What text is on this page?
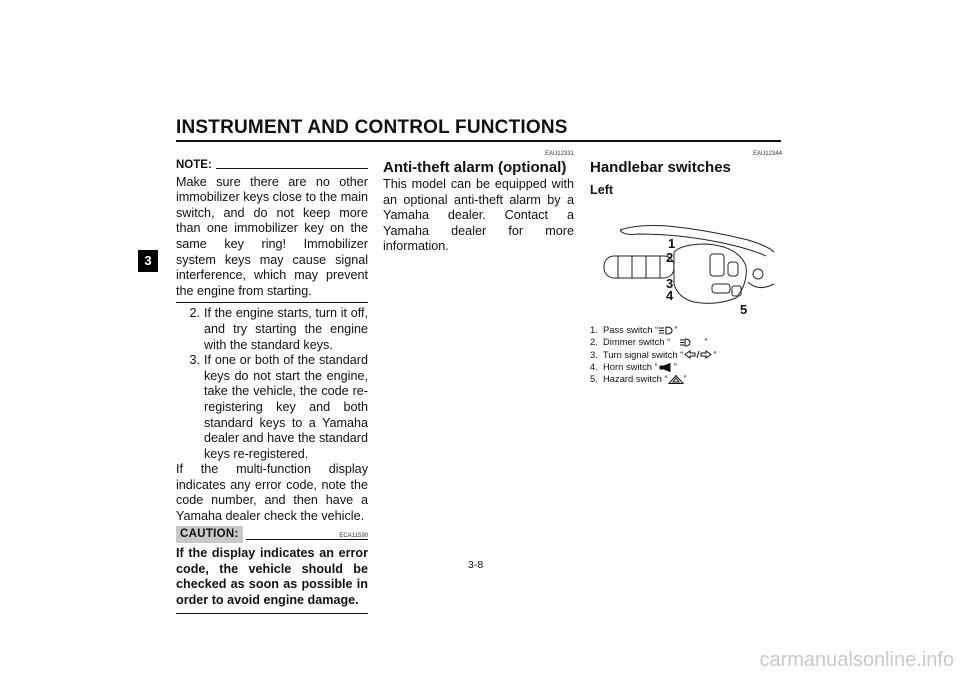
INSTRUMENT AND CONTROL FUNCTIONS
3
NOTE:
Make sure there are no other immobilizer keys close to the main switch, and do not keep more than one immobilizer key on the same key ring! Immobilizer system keys may cause signal interference, which may prevent the engine from starting.
2. If the engine starts, turn it off, and try starting the engine with the standard keys.
3. If one or both of the standard keys do not start the engine, take the vehicle, the code re-registering key and both standard keys to a Yamaha dealer and have the standard keys re-registered.
If the multi-function display indicates any error code, note the code number, and then have a Yamaha dealer check the vehicle.
CAUTION:	ECA11590
If the display indicates an error code, the vehicle should be checked as soon as possible in order to avoid engine damage.
EAU12331
Anti-theft alarm (optional)
This model can be equipped with an optional anti-theft alarm by a Yamaha dealer. Contact a Yamaha dealer for more information.
EAU12344
Handlebar switches
Left
1
2
3
4
5
1.  Pass switch “ ”
2.  Dimmer switch “	”
3.  Turn signal switch “	”
4.  Horn switch “ ”
5.  Hazard switch “ ”
3-8
carmanualsonline.info
